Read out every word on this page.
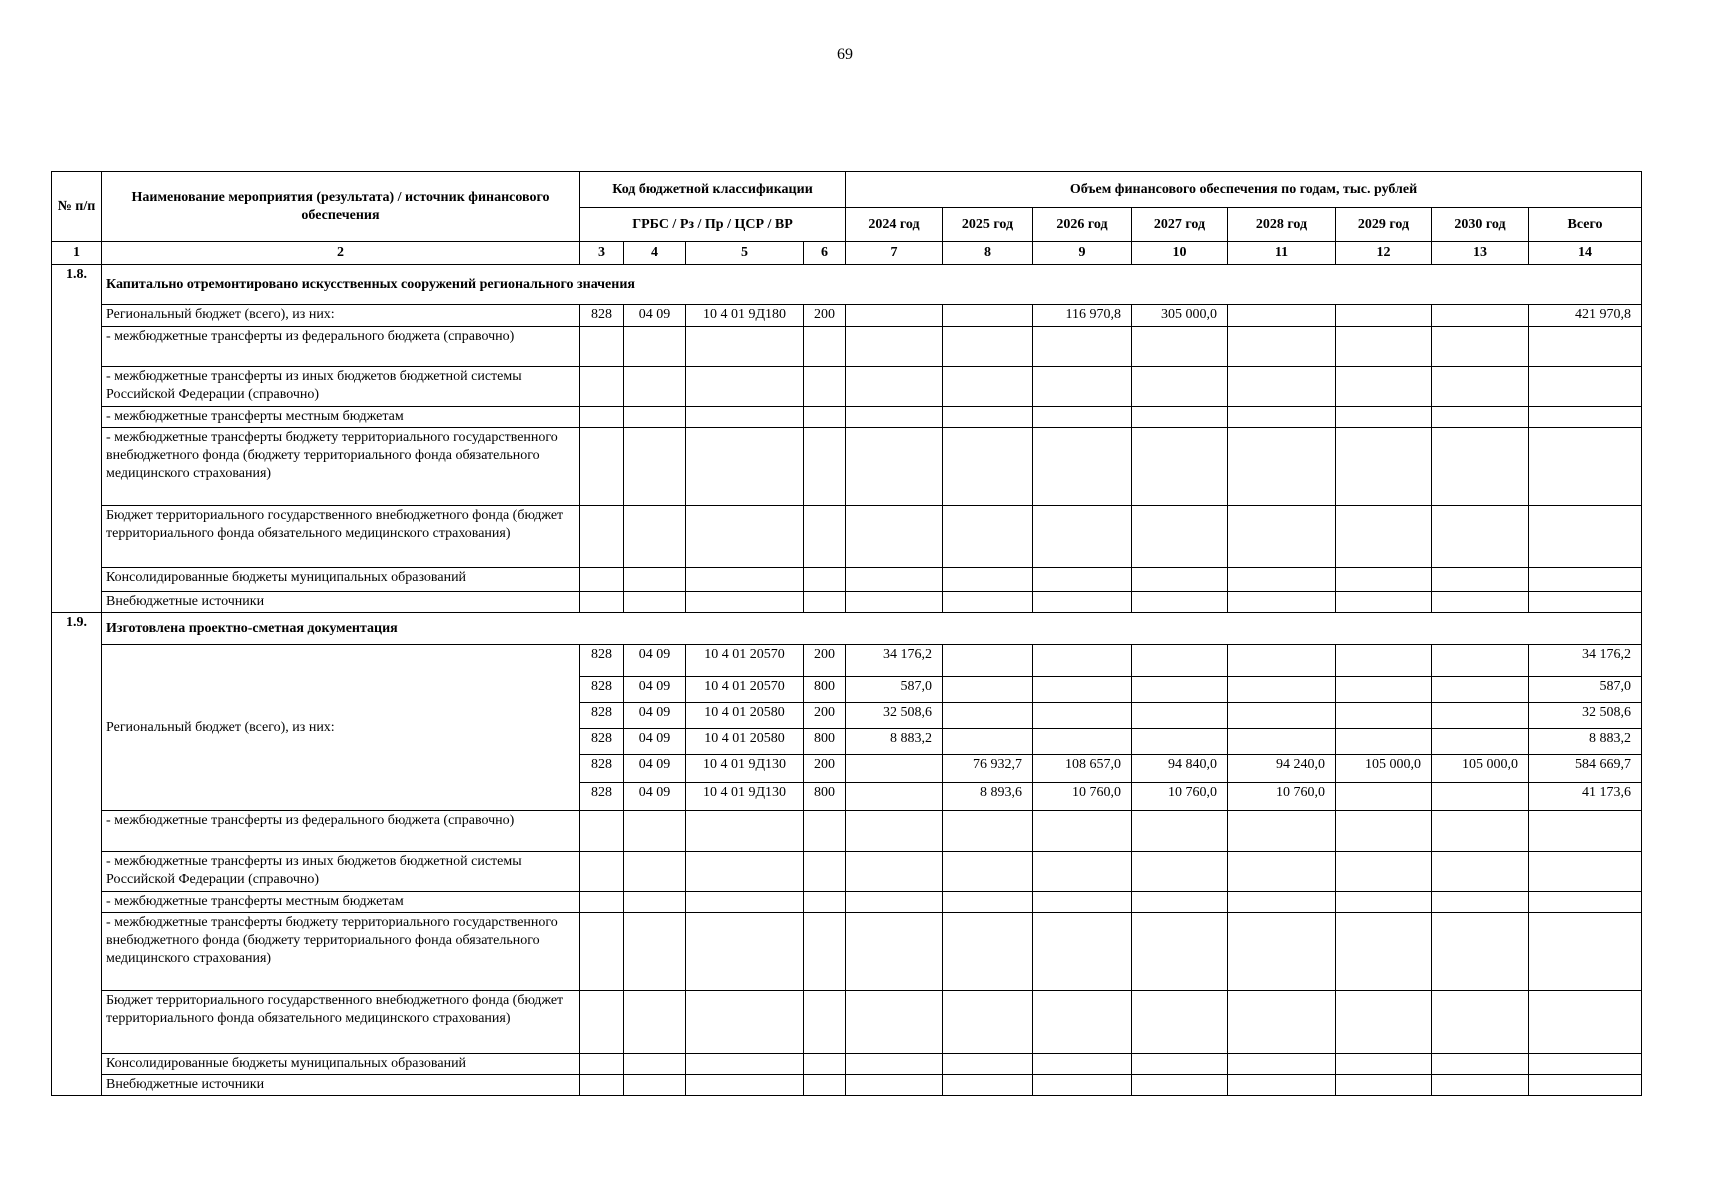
69
№ п/п	Наименование мероприятия (результата) / источник финансового обеспечения	Код бюджетной классификации				Объем финансового обеспечения по годам, тыс. рублей							
		ГРБС / Рз / Пр / ЦСР / ВР				2024 год	2025 год	2026 год	2027 год	2028 год	2029 год	2030 год	Всего
1	2	3	4	5	6	7	8	9	10	11	12	13	14
1.8.	Капитально отремонтировано искусственных сооружений регионального значения												
	Региональный бюджет (всего), из них:	828	04 09	10 4 01 9Д180	200			116 970,8	305 000,0				421 970,8
	- межбюджетные трансферты из федерального бюджета (справочно)												
	- межбюджетные трансферты из иных бюджетов бюджетной системы Российской Федерации (справочно)												
	- межбюджетные трансферты местным бюджетам												
	- межбюджетные трансферты бюджету территориального государственного внебюджетного фонда (бюджету территориального фонда обязательного медицинского страхования)												
	Бюджет территориального государственного внебюджетного фонда (бюджет территориального фонда обязательного медицинского страхования)												
	Консолидированные бюджеты муниципальных образований												
	Внебюджетные источники												
1.9.	Изготовлена проектно-сметная документация												
	Региональный бюджет (всего), из них:	828	04 09	10 4 01 20570	200	34 176,2							34 176,2
		828	04 09	10 4 01 20570	800	587,0							587,0
		828	04 09	10 4 01 20580	200	32 508,6							32 508,6
		828	04 09	10 4 01 20580	800	8 883,2							8 883,2
		828	04 09	10 4 01 9Д130	200		76 932,7	108 657,0	94 840,0	94 240,0	105 000,0	105 000,0	584 669,7
		828	04 09	10 4 01 9Д130	800		8 893,6	10 760,0	10 760,0	10 760,0			41 173,6
	- межбюджетные трансферты из федерального бюджета (справочно)												
	- межбюджетные трансферты из иных бюджетов бюджетной системы Российской Федерации (справочно)												
	- межбюджетные трансферты местным бюджетам												
	- межбюджетные трансферты бюджету территориального государственного внебюджетного фонда (бюджету территориального фонда обязательного медицинского страхования)												
	Бюджет территориального государственного внебюджетного фонда (бюджет территориального фонда обязательного медицинского страхования)												
	Консолидированные бюджеты муниципальных образований												
	Внебюджетные источники												
